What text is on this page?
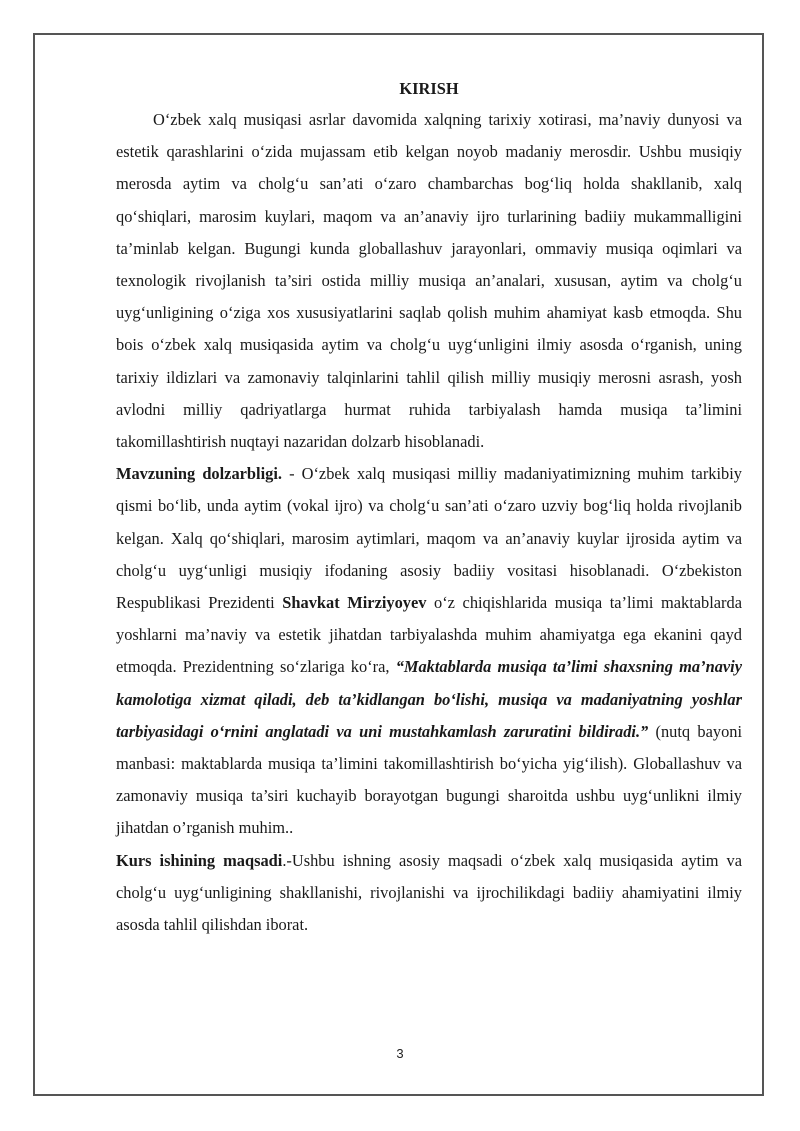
KIRISH

O‘zbek xalq musiqasi asrlar davomida xalqning tarixiy xotirasi, ma’naviy dunyosi va estetik qarashlarini o‘zida mujassam etib kelgan noyob madaniy merosdir. Ushbu musiqiy merosda aytim va cholg‘u san’ati o‘zaro chambarchas bog‘liq holda shakllanib, xalq qo‘shiqlari, marosim kuylari, maqom va an’anaviy ijro turlarining badiiy mukammalligini ta’minlab kelgan. Bugungi kunda globallashuv jarayonlari, ommaviy musiqa oqimlari va texnologik rivojlanish ta’siri ostida milliy musiqa an’analari, xususan, aytim va cholg‘u uyg‘unligining o‘ziga xos xususiyatlarini saqlab qolish muhim ahamiyat kasb etmoqda. Shu bois o‘zbek xalq musiqasida aytim va cholg‘u uyg‘unligini ilmiy asosda o‘rganish, uning tarixiy ildizlari va zamonaviy talqinlarini tahlil qilish milliy musiqiy merosni asrash, yosh avlodni milliy qadriyatlarga hurmat ruhida tarbiyalash hamda musiqa ta’limini takomillashtirish nuqtayi nazaridan dolzarb hisoblanadi.

Mavzuning dolzarbligi. - O‘zbek xalq musiqasi milliy madaniyatimizning muhim tarkibiy qismi bo‘lib, unda aytim (vokal ijro) va cholg‘u san’ati o‘zaro uzviy bog‘liq holda rivojlanib kelgan. Xalq qo‘shiqlari, marosim aytimlari, maqom va an’anaviy kuylar ijrosida aytim va cholg‘u uyg‘unligi musiqiy ifodaning asosiy badiiy vositasi hisoblanadi. O‘zbekiston Respublikasi Prezidenti Shavkat Mirziyoyev o‘z chiqishlarida musiqa ta’limi maktablarda yoshlarni ma’naviy va estetik jihatdan tarbiyalashda muhim ahamiyatga ega ekanini qayd etmoqda. Prezidentning so‘zlariga ko‘ra, “Maktablarda musiqa ta’limi shaxsning ma’naviy kamolotiga xizmat qiladi, deb ta’kidlangan bo‘lishi, musiqa va madaniyatning yoshlar tarbiyasidagi o‘rnini anglatadi va uni mustahkamlash zaruratini bildiradi.” (nutq bayoni manbasi: maktablarda musiqa ta’limini takomillashtirish bo‘yicha yig‘ilish). Globallashuv va zamonaviy musiqa ta’siri kuchayib borayotgan bugungi sharoitda ushbu uyg‘unlikni ilmiy jihatdan o’rganish muhim..

Kurs ishining maqsadi.-Ushbu ishning asosiy maqsadi o‘zbek xalq musiqasida aytim va cholg‘u uyg‘unligining shakllanishi, rivojlanishi va ijrochilikdagi badiiy ahamiyatini ilmiy asosda tahlil qilishdan iborat.

3
